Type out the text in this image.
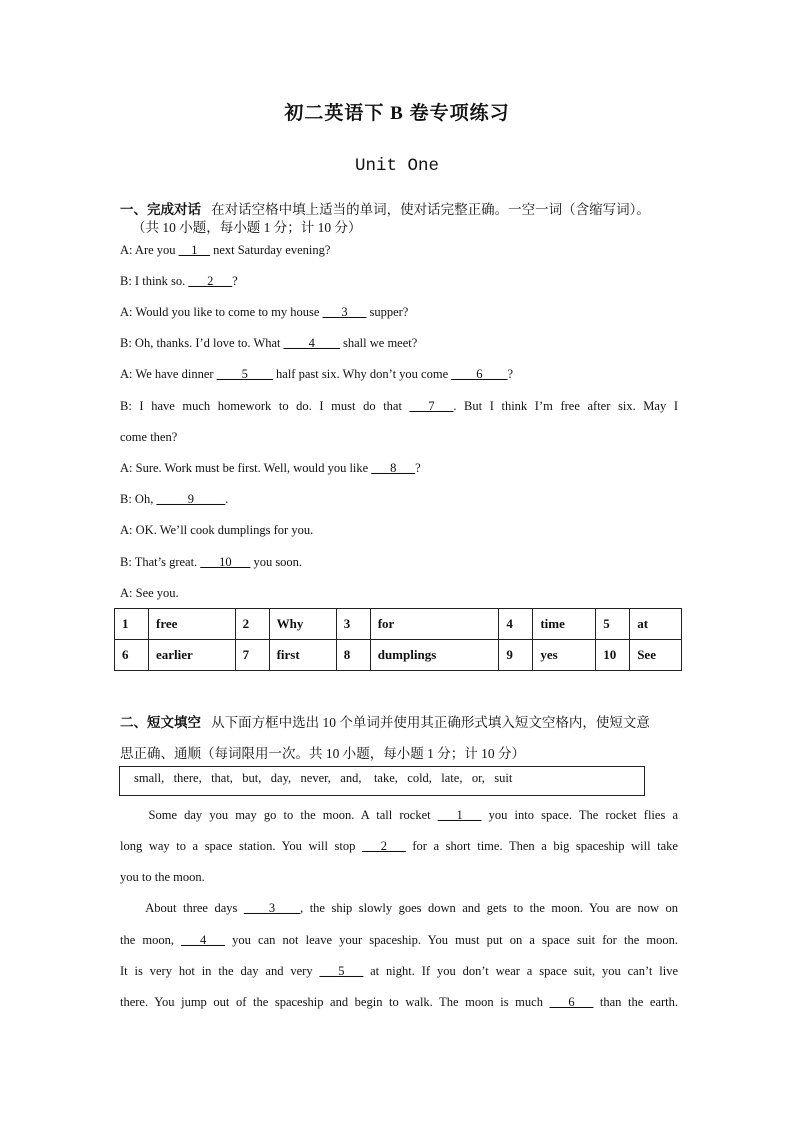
初二英语下 B 卷专项练习
Unit One
一、完成对话 在对话空格中填上适当的单词，使对话完整正确。一空一词（含缩写词）。
（共 10 小题，每小题 1 分；计 10 分）
A: Are you __1__ next Saturday evening?
B: I think so. ___2___?
A: Would you like to come to my house ___3___ supper?
B: Oh, thanks. I’d love to. What ____4____ shall we meet?
A: We have dinner ____5____ half past six. Why don’t you come ____6____?
B: I have much homework to do. I must do that ___7___. But I think I’m free after six. May I
come then?
A: Sure. Work must be first. Well, would you like ___8___?
B: Oh, _____9_____.
A: OK. We’ll cook dumplings for you.
B: That’s great. ___10___ you soon.
A: See you.
1	free	2	Why	3	for	4	time	5	at
6	earlier	7	first	8	dumplings	9	yes	10	See
二、短文填空 从下面方框中选出 10 个单词并使用其正确形式填入短文空格内，使短文意
思正确、通顺（每词限用一次。共 10 小题，每小题 1 分；计 10 分）
small,   there,   that,   but,   day,   never,   and,    take,   cold,   late,   or,   suit
Some day you may go to the moon. A tall rocket ___1___ you into space. The rocket flies a
long way to a space station. You will stop ___2___ for a short time. Then a big spaceship will take
you to the moon.
About three days ____3____, the ship slowly goes down and gets to the moon. You are now on
the moon, ___4___ you can not leave your spaceship. You must put on a space suit for the moon.
It is very hot in the day and very ___5___ at night. If you don’t wear a space suit, you can’t live
there. You jump out of the spaceship and begin to walk. The moon is much ___6___ than the earth.
